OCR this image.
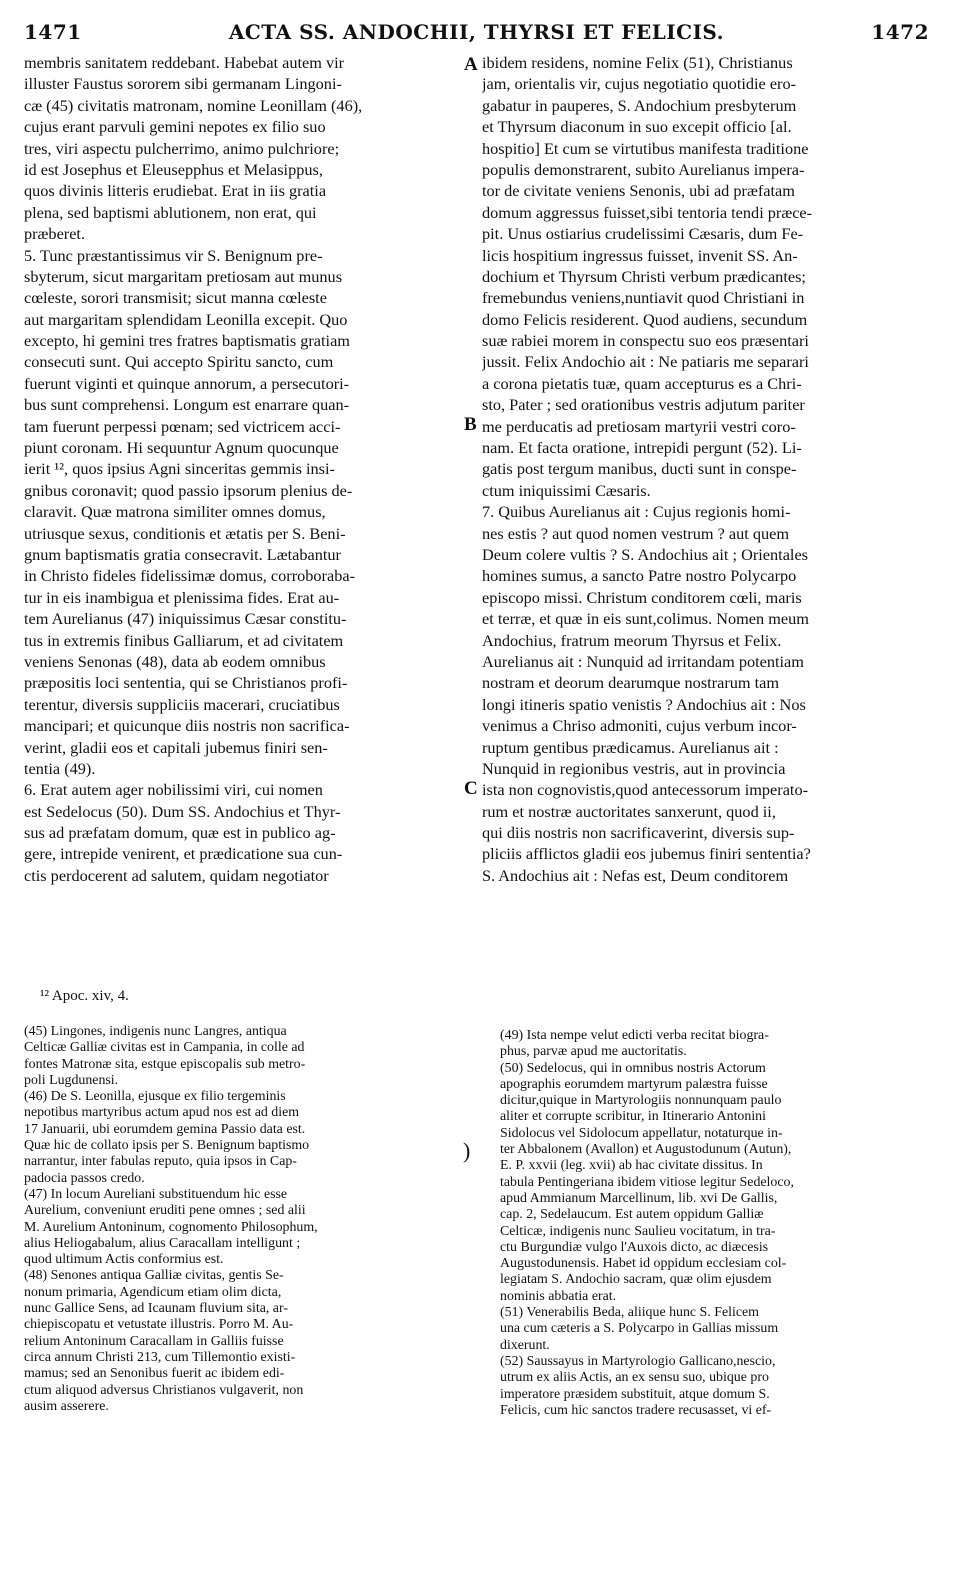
1471	ACTA SS. ANDOCHII, THYRSI ET FELICIS.	1472
membris sanitatem reddebant. Habebat autem vir
illuster Faustus sororem sibi germanam Lingoni-
cæ (45) civitatis matronam, nomine Leonillam (46),
cujus erant parvuli gemini nepotes ex filio suo
tres, viri aspectu pulcherrimo, animo pulchriore;
id est Josephus et Eleusepphus et Melasippus,
quos divinis litteris erudiebat. Erat in iis gratia
plena, sed baptismi ablutionem, non erat, qui
præberet.
5. Tunc præstantissimus vir S. Benignum pre-
sbyterum, sicut margaritam pretiosam aut munus
cœleste, sorori transmisit; sicut manna cœleste
aut margaritam splendidam Leonilla excepit. Quo
excepto, hi gemini tres fratres baptismatis gratiam
consecuti sunt. Qui accepto Spiritu sancto, cum
fuerunt viginti et quinque annorum, a persecutori-
bus sunt comprehensi. Longum est enarrare quan-
tam fuerunt perpessi pœnam; sed victricem acci-
piunt coronam. Hi sequuntur Agnum quocunque
ierit ¹², quos ipsius Agni sinceritas gemmis insi-
gnibus coronavit; quod passio ipsorum plenius de-
claravit. Quæ matrona similiter omnes domus,
utriusque sexus, conditionis et ætatis per S. Beni-
gnum baptismatis gratia consecravit. Lætabantur
in Christo fideles fidelissimæ domus, corroboraba-
tur in eis inambigua et plenissima fides. Erat au-
tem Aurelianus (47) iniquissimus Cæsar constitu-
tus in extremis finibus Galliarum, et ad civitatem
veniens Senonas (48), data ab eodem omnibus
præpositis loci sententia, qui se Christianos profi-
terentur, diversis suppliciis macerari, cruciatibus
mancipari; et quicunque diis nostris non sacrifica-
verint, gladii eos et capitali jubemus finiri sen-
tentia (49).
6. Erat autem ager nobilissimi viri, cui nomen
est Sedelocus (50). Dum SS. Andochius et Thyr-
sus ad præfatam domum, quæ est in publico ag-
gere, intrepide venirent, et prædicatione sua cun-
ctis perdocerent ad salutem, quidam negotiator
ibidem residens, nomine Felix (51), Christianus
jam, orientalis vir, cujus negotiatio quotidie ero-
gabatur in pauperes, S. Andochium presbyterum
et Thyrsum diaconum in suo excepit officio [al.
hospitio] Et cum se virtutibus manifesta traditione
populis demonstrarent, subito Aurelianus impera-
tor de civitate veniens Senonis, ubi ad præfatam
domum aggressus fuisset,sibi tentoria tendi præce-
pit. Unus ostiarius crudelissimi Cæsaris, dum Fe-
licis hospitium ingressus fuisset, invenit SS. An-
dochium et Thyrsum Christi verbum prædicantes;
fremebundus veniens,nuntiavit quod Christiani in
domo Felicis residerent. Quod audiens, secundum
suæ rabiei morem in conspectu suo eos præsentari
jussit. Felix Andochio ait : Ne patiaris me separari
a corona pietatis tuæ, quam accepturus es a Chri-
sto, Pater ; sed orationibus vestris adjutum pariter
me perducatis ad pretiosam martyrii vestri coro-
nam. Et facta oratione, intrepidi pergunt (52). Li-
gatis post tergum manibus, ducti sunt in conspe-
ctum iniquissimi Cæsaris.
7. Quibus Aurelianus ait : Cujus regionis homi-
nes estis ? aut quod nomen vestrum ? aut quem
Deum colere vultis ? S. Andochius ait ; Orientales
homines sumus, a sancto Patre nostro Polycarpo
episcopo missi. Christum conditorem cœli, maris
et terræ, et quæ in eis sunt,colimus. Nomen meum
Andochius, fratrum meorum Thyrsus et Felix.
Aurelianus ait : Nunquid ad irritandam potentiam
nostram et deorum dearumque nostrarum tam
longi itineris spatio venistis ? Andochius ait : Nos
venimus a Chriso admoniti, cujus verbum incor-
ruptum gentibus prædicamus. Aurelianus ait :
Nunquid in regionibus vestris, aut in provincia
ista non cognovistis,quod antecessorum imperato-
rum et nostræ auctoritates sanxerunt, quod ii,
qui diis nostris non sacrificaverint, diversis sup-
pliciis afflictos gladii eos jubemus finiri sententia?
S. Andochius ait : Nefas est, Deum conditorem
A
B
C
)
¹² Apoc. xiv, 4.
(45) Lingones, indigenis nunc Langres, antiqua
Celticæ Galliæ civitas est in Campania, in colle ad
fontes Matronæ sita, estque episcopalis sub metro-
poli Lugdunensi.
(46) De S. Leonilla, ejusque ex filio tergeminis
nepotibus martyribus actum apud nos est ad diem
17 Januarii, ubi eorumdem gemina Passio data est.
Quæ hic de collato ipsis per S. Benignum baptismo
narrantur, inter fabulas reputo, quia ipsos in Cap-
padocia passos credo.
(47) In locum Aureliani substituendum hic esse
Aurelium, conveniunt eruditi pene omnes ; sed alii
M. Aurelium Antoninum, cognomento Philosophum,
alius Heliogabalum, alius Caracallam intelligunt ;
quod ultimum Actis conformius est.
(48) Senones antiqua Galliæ civitas, gentis Se-
nonum primaria, Agendicum etiam olim dicta,
nunc Gallice Sens, ad Icaunam fluvium sita, ar-
chiepiscopatu et vetustate illustris. Porro M. Au-
relium Antoninum Caracallam in Galliis fuisse
circa annum Christi 213, cum Tillemontio existi-
mamus; sed an Senonibus fuerit ac ibidem edi-
ctum aliquod adversus Christianos vulgaverit, non
ausim asserere.
(49) Ista nempe velut edicti verba recitat biogra-
phus, parvæ apud me auctoritatis.
(50) Sedelocus, qui in omnibus nostris Actorum
apographis eorumdem martyrum palæstra fuisse
dicitur,quique in Martyrologiis nonnunquam paulo
aliter et corrupte scribitur, in Itinerario Antonini
Sidolocus vel Sidolocum appellatur, notaturque in-
ter Abbalonem (Avallon) et Augustodunum (Autun),
E. P. xxvii (leg. xvii) ab hac civitate dissitus. In
tabula Pentingeriana ibidem vitiose legitur Sedeloco,
apud Ammianum Marcellinum, lib. xvi De Gallis,
cap. 2, Sedelaucum. Est autem oppidum Galliæ
Celticæ, indigenis nunc Saulieu vocitatum, in tra-
ctu Burgundiæ vulgo l'Auxois dicto, ac diæcesis
Augustodunensis. Habet id oppidum ecclesiam col-
legiatam S. Andochio sacram, quæ olim ejusdem
nominis abbatia erat.
(51) Venerabilis Beda, aliique hunc S. Felicem
una cum cæteris a S. Polycarpo in Gallias missum
dixerunt.
(52) Saussayus in Martyrologio Gallicano,nescio,
utrum ex aliis Actis, an ex sensu suo, ubique pro
imperatore præsidem substituit, atque domum S.
Felicis, cum hic sanctos tradere recusasset, vi ef-
